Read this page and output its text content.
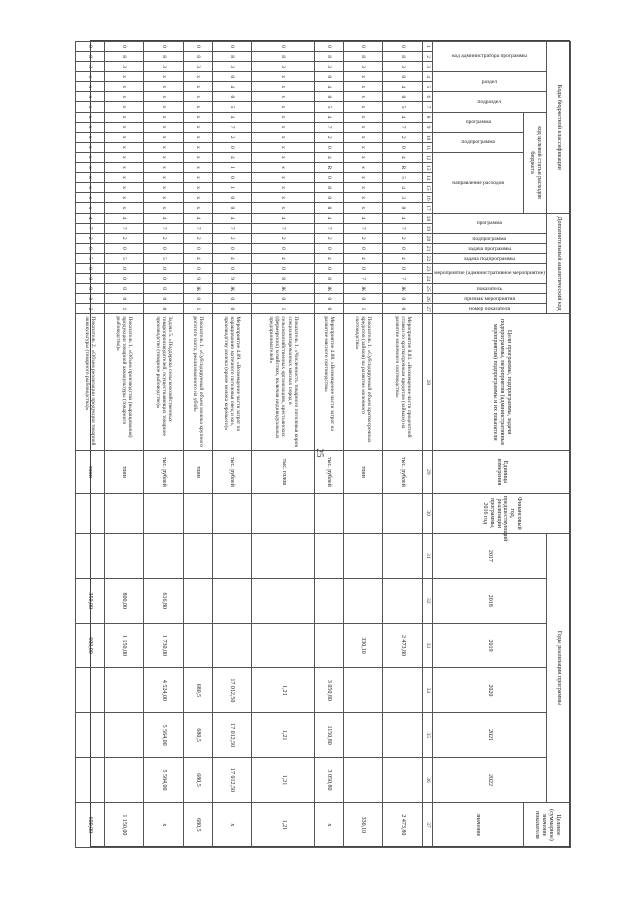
25
Коды бюджетной классификации																	Дополнительный аналитический код										Цели программы, подпрограммы, задачи подпрограммы, мероприятия (административные мероприятия) подпрограммы и их показатели	Единица измерения	Финансовый год, предшествующий реализации программы, 2016 год	Годы реализации программы						Целевое (суммарное) значение показателя

код администратора программы			раздел		подраздел		код целевой статьи расходов бюджета										программа		подпрограмма	задача программы	задача подпрограммы	мероприятие (административное мероприятие)		показатель	признак мероприятия	номер показателя				2017	2018	2019	2020	2021	2022	

							программа		подпрограмма		направление расходов																									значение

1	2	3	4	5	6	7	8	9	10	11	12	13	14	15	16	17	18	19	20	21	22	23	24	25	26	27	28	29	30	31	32	33	34	35	36	37

0	8	3	0	4	0	5	4	7	2	0	4	R	5	4	3	0	4	7	2	0	4	0	7	Ж	0	0	Мероприятие 8.03. «Возмещение части процентной ставки по краткосрочным кредитам (займам) на развитие молочного скотоводства»	тыс. рублей				2 473,80				2 473,80

0	8	3	х	х	х	х	х	х	х	х	х	х	х	х	х	х	4	7	2	0	4	0	7	Ж	0	1	Показатель 1. «Субсидируемый объем краткосрочных кредитов (займов) на развитие молочного скотоводства»	тонн				330,10				330,10

0	8	3	0	4	0	5	4	7	2	0	4	R	0	8	0	8	4	7	2	0	4	0	8	Ж	0	0	Мероприятие 4.08. «Возмещение части затрат на развитие мясного скотоводства»	тыс. рублей					3 050,80	1150,80	3 050,80	х

0	8	3	х	х	х	х	х	х	х	х	х	х	х	х	х	х	4	7	2	0	4	0	8	Ж	0	1	Показатель 1. «Численность товарного поголовья коров специализированных мясных пород в сельскохозяйственных организациях, крестьянских (фермерских) хозяйствах, включая индивидуальных предпринимателей»	тыс. голов					1,21	1,21	1,21	1,21

0	8	3	0	4	0	5	4	7	2	0	4	1	0	1	0	0	4	7	2	0	4	0	9	Ж	0	0	Мероприятие 4.09. «Возмещение части затрат по наращиванию маточного поголовья овец и коз, производству молока (кроме молока коровьего)»	тыс. рублей					17 012,50	17 012,50	17 012,50	х

0	8	3	х	х	х	х	х	х	х	х	х	х	х	х	х	х	4	7	2	0	4	0	9	Ж	0	1	Показатель 1. «Субсидируемый объем молока крупного рогатого скота, реализованного на убой»	тонн					680,5	680,5	680,5	680,5

0	8	3	х	х	х	х	х	х	х	х	х	х	х	х	х	х	4	7	2	0	5	0	0	0	0	0	Задача 5. «Поддержка сельскохозяйственных товаропроизводителей, осуществляющих товарное производство (товарное рыбоводство)»	тыс. рублей			616,80	1 730,00	4 524,00	5 564,00	5 584,00	х

0	8	3	х	х	х	х	х	х	х	х	х	х	х	х	х	х	4	7	2	0	5	0	0	0	0	1	Показатель 1. «Объем производства (выращивания) продукции товарной аквакультуры (товарного рыбоводства)»	тонн			800,00	1 150,00				1 150,00

0	8	3	х	х	х	х	х	х	х	х	х	х	х	х	х	х	4	7	2	0	5	0	0	0	0	2	Показатель 2. «Объем реализации продукции товарной аквакультуры (товарного рыбоводства)»	тонн			350,00	600,00				600,00
